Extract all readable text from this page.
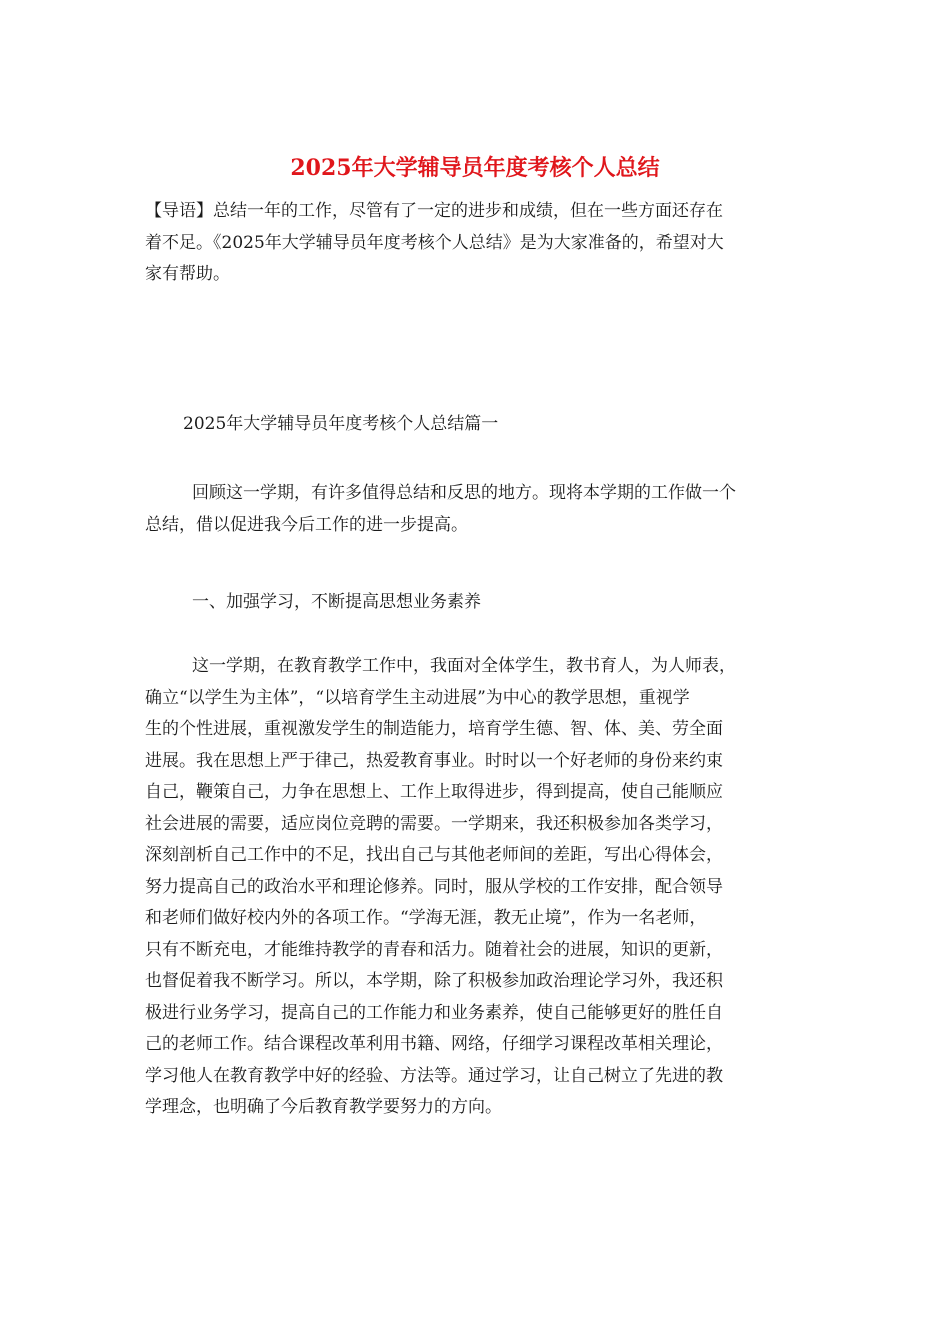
2025年大学辅导员年度考核个人总结
【导语】总结一年的工作，尽管有了一定的进步和成绩，但在一些方面还存在
着不足。《2025年大学辅导员年度考核个人总结》是为大家准备的，希望对大
家有帮助。
2025年大学辅导员年度考核个人总结篇一
回顾这一学期，有许多值得总结和反思的地方。现将本学期的工作做一个
总结，借以促进我今后工作的进一步提高。
一、加强学习，不断提高思想业务素养
这一学期，在教育教学工作中，我面对全体学生，教书育人，为人师表，
确立“以学生为主体”，“以培育学生主动进展”为中心的教学思想，重视学
生的个性进展，重视激发学生的制造能力，培育学生德、智、体、美、劳全面
进展。我在思想上严于律己，热爱教育事业。时时以一个好老师的身份来约束
自己，鞭策自己，力争在思想上、工作上取得进步，得到提高，使自己能顺应
社会进展的需要，适应岗位竞聘的需要。一学期来，我还积极参加各类学习，
深刻剖析自己工作中的不足，找出自己与其他老师间的差距，写出心得体会，
努力提高自己的政治水平和理论修养。同时，服从学校的工作安排，配合领导
和老师们做好校内外的各项工作。“学海无涯，教无止境”，作为一名老师，
只有不断充电，才能维持教学的青春和活力。随着社会的进展，知识的更新，
也督促着我不断学习。所以，本学期，除了积极参加政治理论学习外，我还积
极进行业务学习，提高自己的工作能力和业务素养，使自己能够更好的胜任自
己的老师工作。结合课程改革利用书籍、网络，仔细学习课程改革相关理论，
学习他人在教育教学中好的经验、方法等。通过学习，让自己树立了先进的教
学理念，也明确了今后教育教学要努力的方向。
